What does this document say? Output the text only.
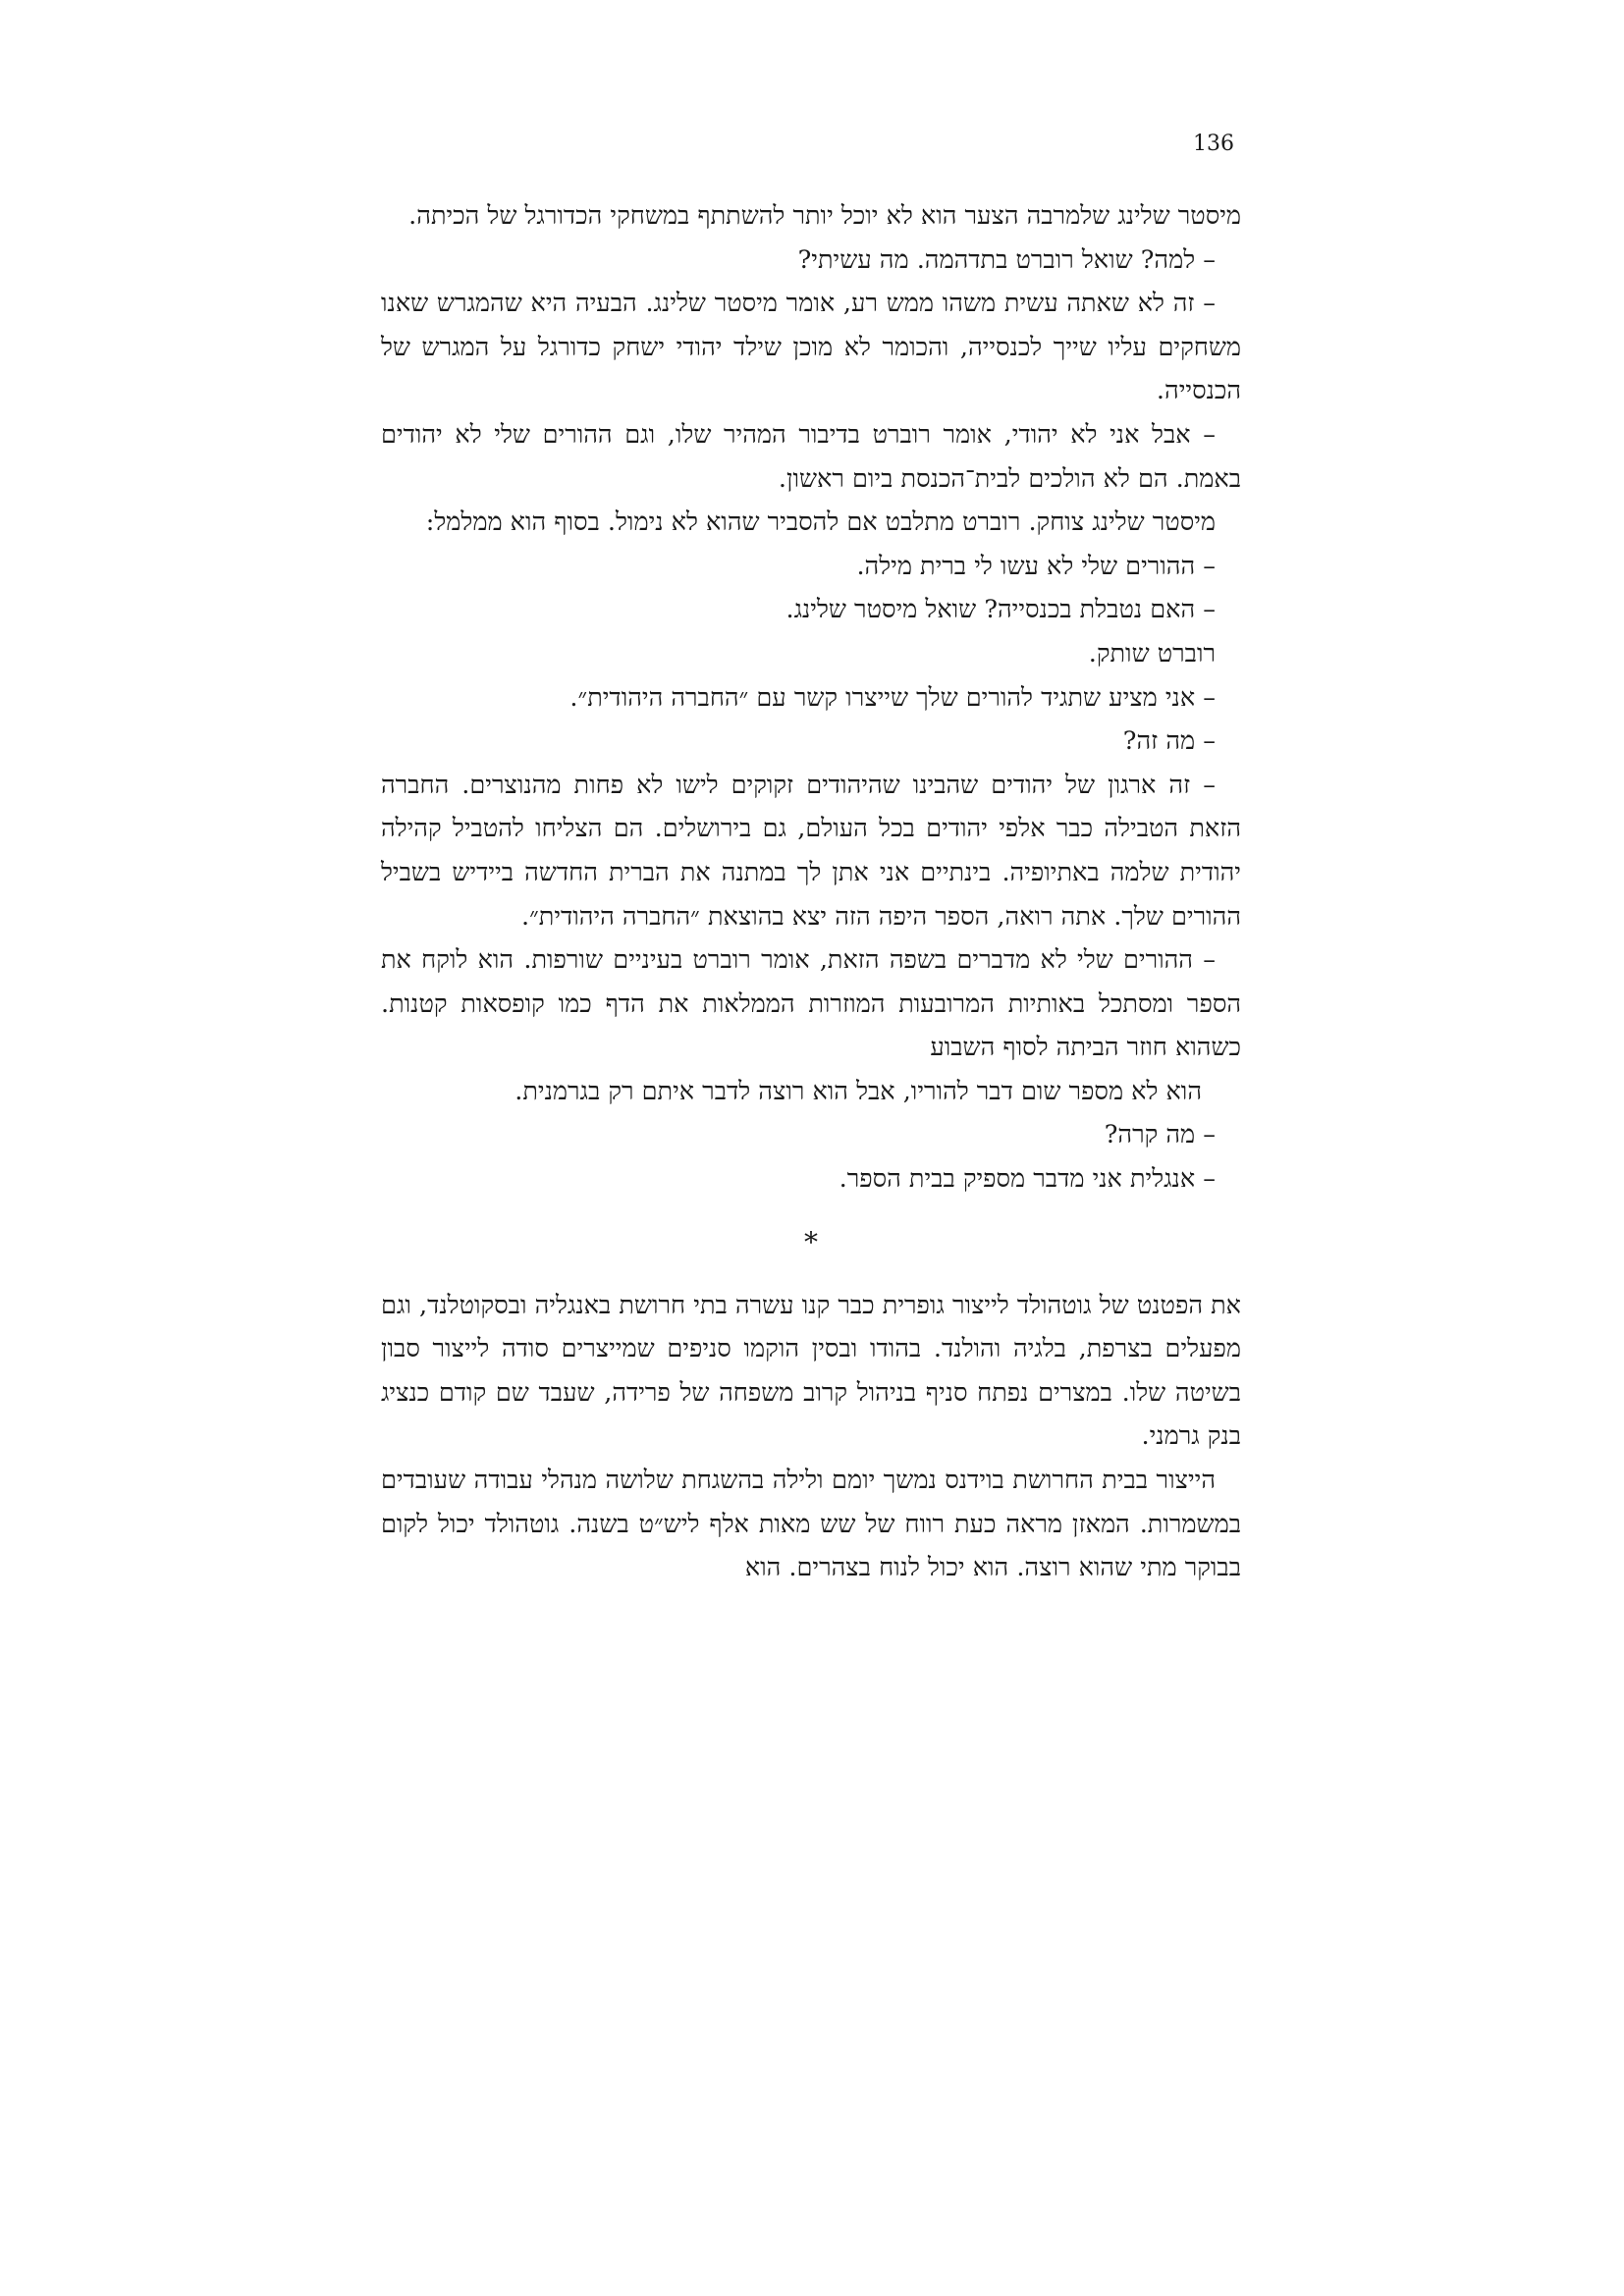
136

מיסטר שלינג שלמרבה הצער הוא לא יוכל יותר להשתתף במשחקי הכדורגל של הכיתה.

– למה? שואל רוברט בתדהמה. מה עשיתי?

– זה לא שאתה עשית משהו ממש רע, אומר מיסטר שלינג. הבעיה היא שהמגרש שאנו משחקים עליו שייך לכנסייה, והכומר לא מוכן שילד יהודי ישחק כדורגל על המגרש של הכנסייה.

– אבל אני לא יהודי, אומר רוברט בדיבור המהיר שלו, וגם ההורים שלי לא יהודים באמת. הם לא הולכים לבית־הכנסת ביום ראשון.

מיסטר שלינג צוחק. רוברט מתלבט אם להסביר שהוא לא נימול. בסוף הוא ממלמל:

– ההורים שלי לא עשו לי ברית מילה.

– האם נטבלת בכנסייה? שואל מיסטר שלינג.

רוברט שותק.

– אני מציע שתגיד להורים שלך שייצרו קשר עם ״החברה היהודית״.

– מה זה?

– זה ארגון של יהודים שהבינו שהיהודים זקוקים לישו לא פחות מהנוצרים. החברה הזאת הטבילה כבר אלפי יהודים בכל העולם, גם בירושלים. הם הצליחו להטביל קהילה יהודית שלמה באתיופיה. בינתיים אני אתן לך במתנה את הברית החדשה ביידיש בשביל ההורים שלך. אתה רואה, הספר היפה הזה יצא בהוצאת ״החברה היהודית״.

– ההורים שלי לא מדברים בשפה הזאת, אומר רוברט בעיניים שורפות. הוא לוקח את הספר ומסתכל באותיות המרובעות המוזרות הממלאות את הדף כמו קופסאות קטנות. כשהוא חוזר הביתה לסוף השבוע

הוא לא מספר שום דבר להוריו, אבל הוא רוצה לדבר איתם רק בגרמנית.

– מה קרה?

– אנגלית אני מדבר מספיק בבית הספר.

*

את הפטנט של גוטהולד לייצור גופרית כבר קנו עשרה בתי חרושת באנגליה ובסקוטלנד, וגם מפעלים בצרפת, בלגיה והולנד. בהודו ובסין הוקמו סניפים שמייצרים סודה לייצור סבון בשיטה שלו. במצרים נפתח סניף בניהול קרוב משפחה של פרידה, שעבד שם קודם כנציג בנק גרמני.

הייצור בבית החרושת בוידנס נמשך יומם ולילה בהשגחת שלושה מנהלי עבודה שעובדים במשמרות. המאזן מראה כעת רווח של שש מאות אלף ליש״ט בשנה. גוטהולד יכול לקום בבוקר מתי שהוא רוצה. הוא יכול לנוח בצהרים. הוא
